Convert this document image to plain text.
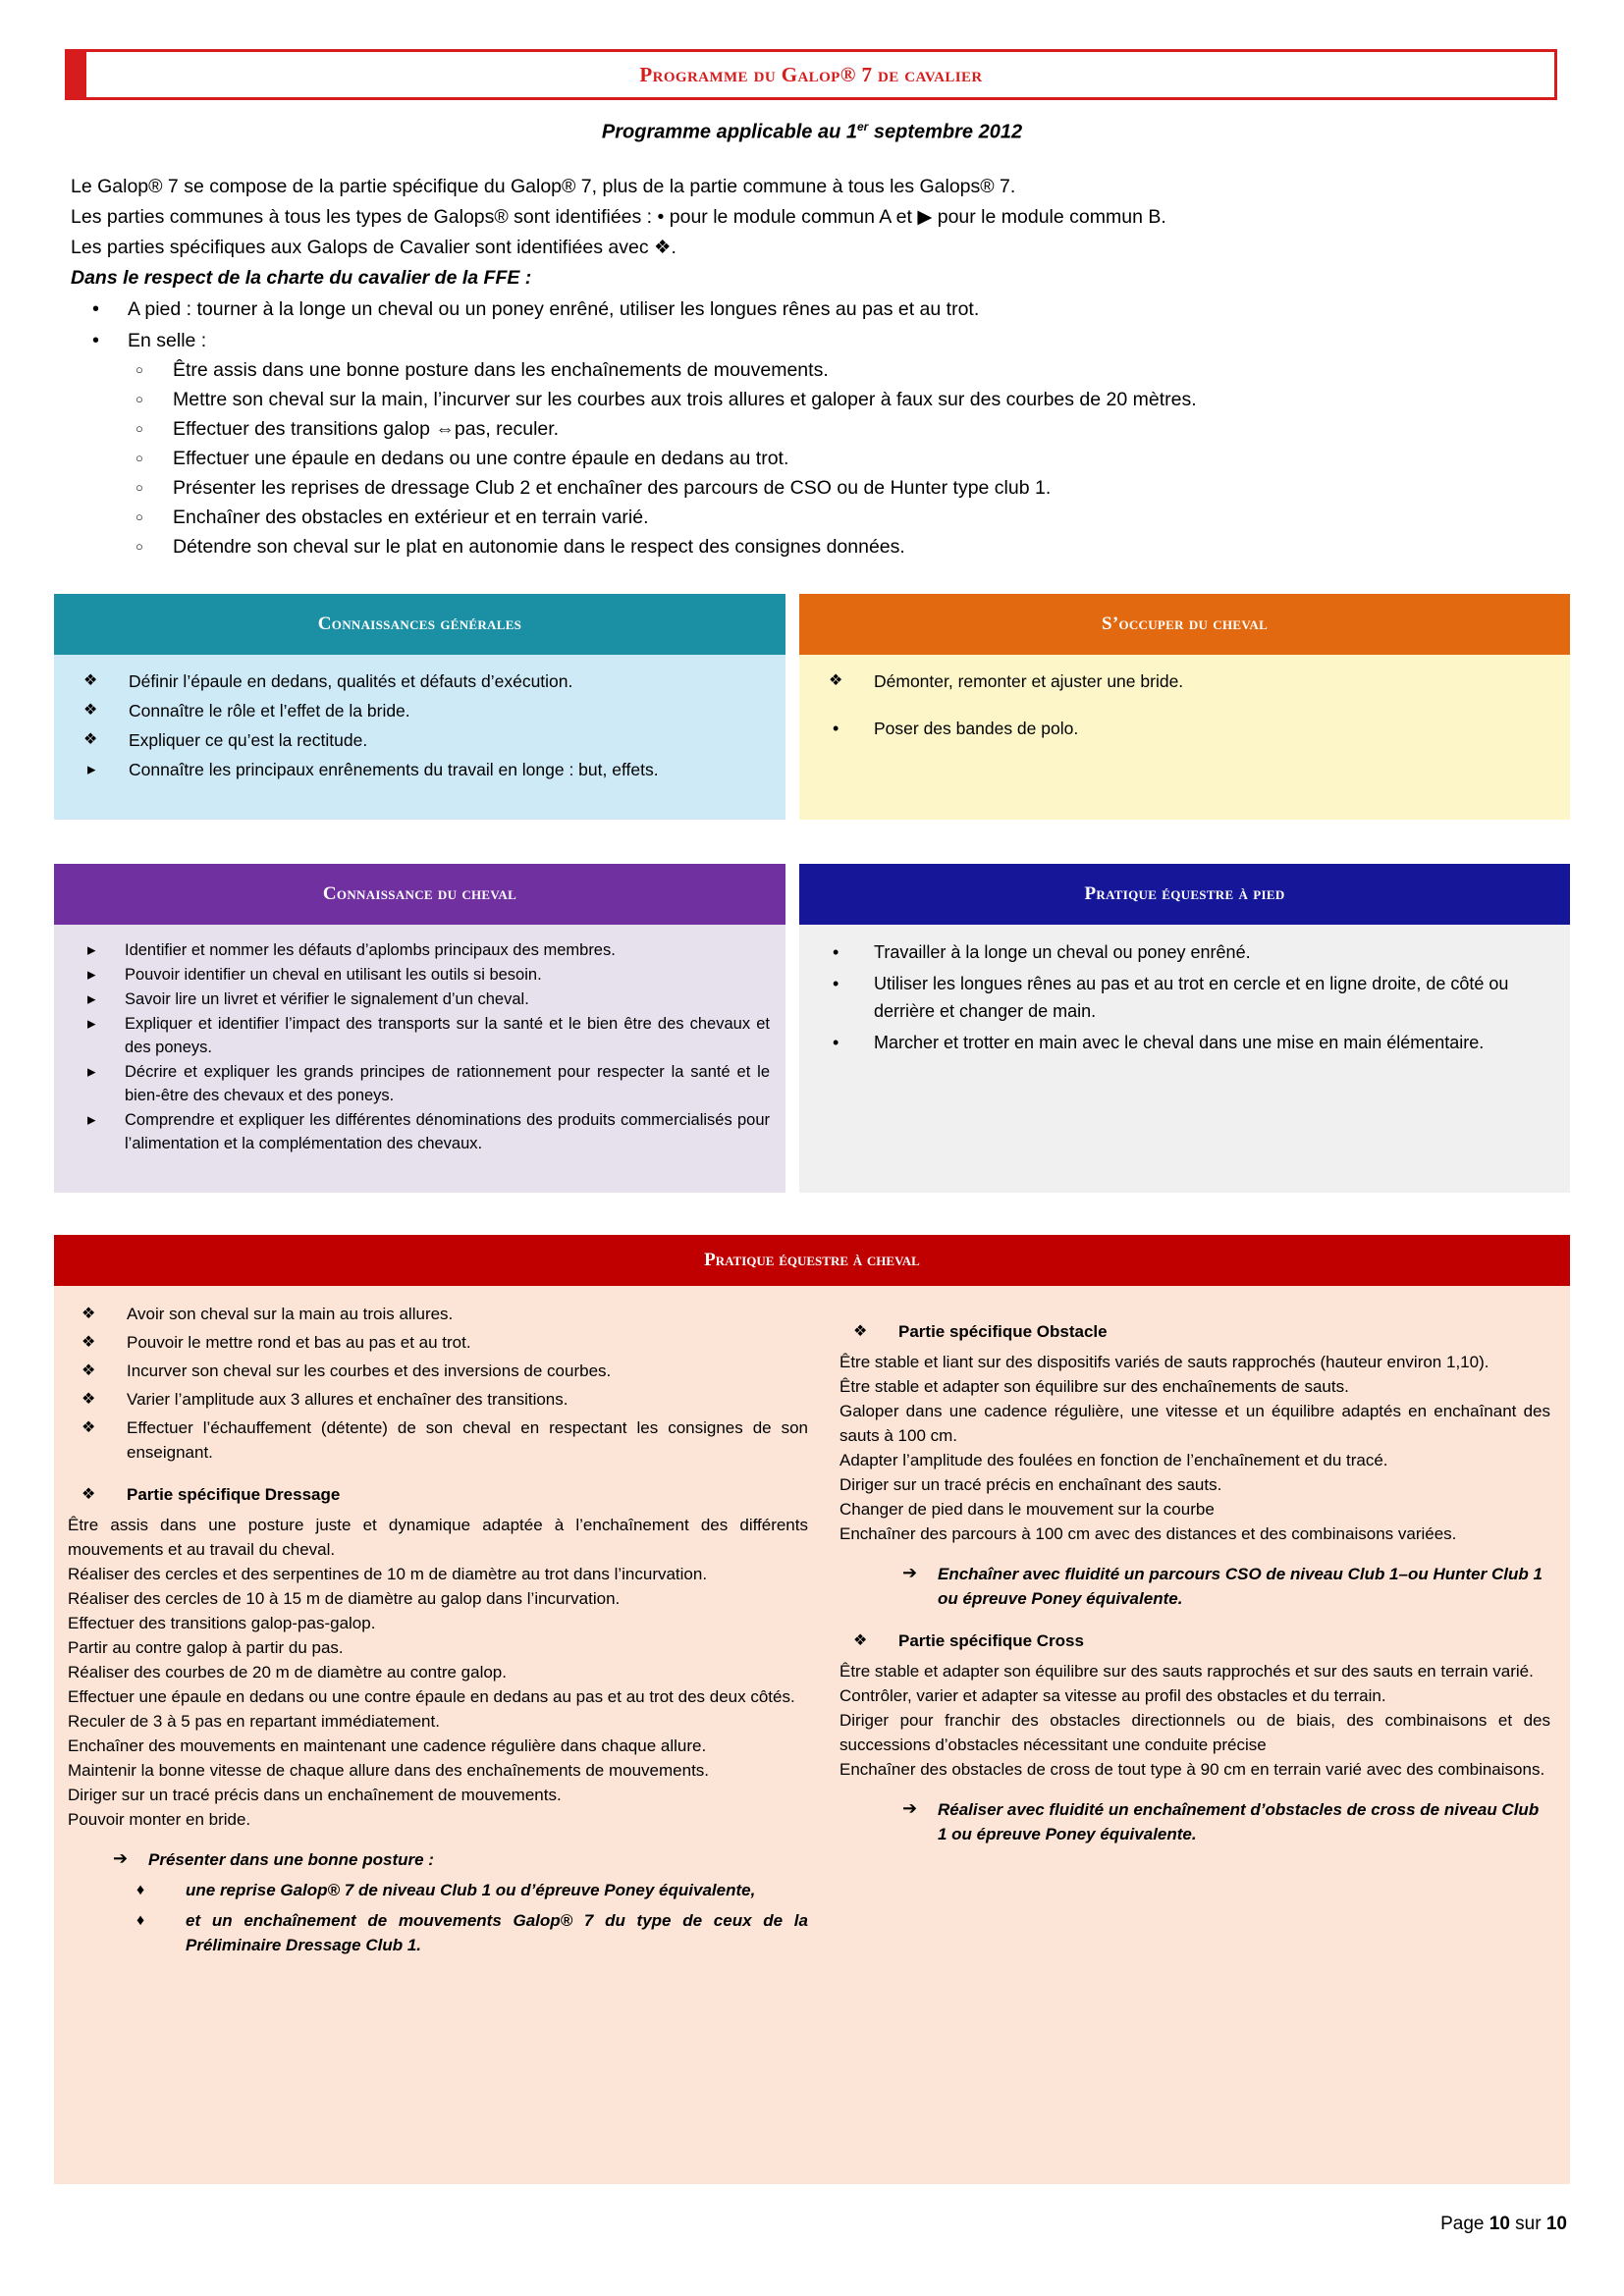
Programme du Galop® 7 de cavalier
Programme applicable au 1er septembre 2012

Le Galop® 7 se compose de la partie spécifique du Galop® 7, plus de la partie commune à tous les Galops® 7.

Les parties communes à tous les types de Galops® sont identifiées : • pour le module commun A et ▶ pour le module commun B.

Les parties spécifiques aux Galops de Cavalier sont identifiées avec ❖.

Dans le respect de la charte du cavalier de la FFE :

• A pied : tourner à la longe un cheval ou un poney enrêné, utiliser les longues rênes au pas et au trot.
• En selle :
○ Être assis dans une bonne posture dans les enchaînements de mouvements.
○ Mettre son cheval sur la main, l’incurver sur les courbes aux trois allures et galoper à faux sur des courbes de 20 mètres.
○ Effectuer des transitions galop ⇔pas, reculer.
○ Effectuer une épaule en dedans ou une contre épaule en dedans au trot.
○ Présenter les reprises de dressage Club 2 et enchaîner des parcours de CSO ou de Hunter type club 1.
○ Enchaîner des obstacles en extérieur et en terrain varié.
○ Détendre son cheval sur le plat en autonomie dans le respect des consignes données.
Connaissances générales
❖ Définir l’épaule en dedans, qualités et défauts d’exécution.
❖ Connaître le rôle et l’effet de la bride.
❖ Expliquer ce qu’est la rectitude.
▸ Connaître les principaux enrênements du travail en longe : but, effets.
S’occuper du cheval
❖ Démonter, remonter et ajuster une bride.
• Poser des bandes de polo.
Connaissance du cheval
▸ Identifier et nommer les défauts d’aplombs principaux des membres.
▸ Pouvoir identifier un cheval en utilisant les outils si besoin.
▸ Savoir lire un livret et vérifier le signalement d’un cheval.
▸ Expliquer et identifier l’impact des transports sur la santé et le bien être des chevaux et des poneys.
▸ Décrire et expliquer les grands principes de rationnement pour respecter la santé et le bien-être des chevaux et des poneys.
▸ Comprendre et expliquer les différentes dénominations des produits commercialisés pour l’alimentation et la complémentation des chevaux.
Pratique équestre à pied
• Travailler à la longe un cheval ou poney enrêné.
• Utiliser les longues rênes au pas et au trot en cercle et en ligne droite, de côté ou derrière et changer de main.
• Marcher et trotter en main avec le cheval dans une mise en main élémentaire.
Pratique équestre à cheval
❖ Avoir son cheval sur la main au trois allures.
❖ Pouvoir le mettre rond et bas au pas et au trot.
❖ Incurver son cheval sur les courbes et des inversions de courbes.
❖ Varier l’amplitude aux 3 allures et enchaîner des transitions.
❖ Effectuer l’échauffement (détente) de son cheval en respectant les consignes de son enseignant.
❖ Partie spécifique Dressage

Être assis dans une posture juste et dynamique adaptée à l’enchaînement des différents mouvements et au travail du cheval.

Réaliser des cercles et des serpentines de 10 m de diamètre au trot dans l’incurvation.

Réaliser des cercles de 10 à 15 m de diamètre au galop dans l’incurvation.

Effectuer des transitions galop-pas-galop.

Partir au contre galop à partir du pas.

Réaliser des courbes de 20 m de diamètre au contre galop.

Effectuer une épaule en dedans ou une contre épaule en dedans au pas et au trot des deux côtés.

Reculer de 3 à 5 pas en repartant immédiatement.

Enchaîner des mouvements en maintenant une cadence régulière dans chaque allure.

Maintenir la bonne vitesse de chaque allure dans des enchaînements de mouvements.

Diriger sur un tracé précis dans un enchaînement de mouvements.

Pouvoir monter en bride.

➔ Présenter dans une bonne posture :
♦ une reprise Galop® 7 de niveau Club 1 ou d’épreuve Poney équivalente,
♦ et un enchaînement de mouvements Galop® 7 du type de ceux de la Préliminaire Dressage Club 1.
❖ Partie spécifique Obstacle

Être stable et liant sur des dispositifs variés de sauts rapprochés (hauteur environ 1,10).

Être stable et adapter son équilibre sur des enchaînements de sauts.

Galoper dans une cadence régulière, une vitesse et un équilibre adaptés en enchaînant des sauts à 100 cm.

Adapter l’amplitude des foulées en fonction de l’enchaînement et du tracé.

Diriger sur un tracé précis en enchaînant des sauts.

Changer de pied dans le mouvement sur la courbe

Enchaîner des parcours à 100 cm avec des distances et des combinaisons variées.

➔ Enchaîner avec fluidité un parcours CSO de niveau Club 1–ou Hunter Club 1 ou épreuve Poney équivalente.
❖ Partie spécifique Cross

Être stable et adapter son équilibre sur des sauts rapprochés et sur des sauts en terrain varié.

Contrôler, varier et adapter sa vitesse au profil des obstacles et du terrain.

Diriger pour franchir des obstacles directionnels ou de biais, des combinaisons et des successions d’obstacles nécessitant une conduite précise

Enchaîner des obstacles de cross de tout type à 90 cm en terrain varié avec des combinaisons.

➔ Réaliser avec fluidité un enchaînement d’obstacles de cross de niveau Club 1 ou épreuve Poney équivalente.
Page 10 sur 10
